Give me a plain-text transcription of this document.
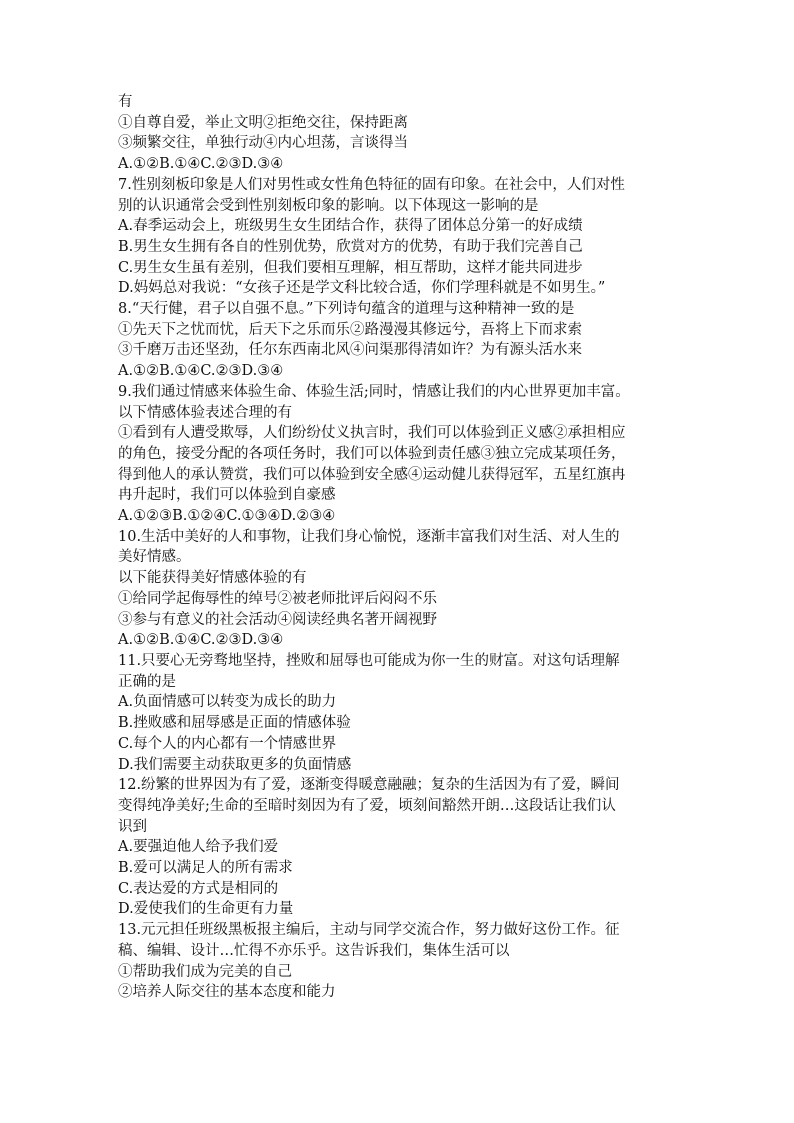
有
①自尊自爱，举止文明②拒绝交往，保持距离
③频繁交往，单独行动④内心坦荡，言谈得当
A.①②B.①④C.②③D.③④
7.性别刻板印象是人们对男性或女性角色特征的固有印象。在社会中，人们对性
别的认识通常会受到性别刻板印象的影响。以下体现这一影响的是
A.春季运动会上，班级男生女生团结合作，获得了团体总分第一的好成绩
B.男生女生拥有各自的性别优势，欣赏对方的优势，有助于我们完善自己
C.男生女生虽有差别，但我们要相互理解，相互帮助，这样才能共同进步
D.妈妈总对我说：“女孩子还是学文科比较合适，你们学理科就是不如男生。”
8.“天行健，君子以自强不息。”下列诗句蕴含的道理与这种精神一致的是
①先天下之忧而忧，后天下之乐而乐②路漫漫其修远兮，吾将上下而求索
③千磨万击还坚劲，任尔东西南北风④问渠那得清如许？为有源头活水来
A.①②B.①④C.②③D.③④
9.我们通过情感来体验生命、体验生活;同时，情感让我们的内心世界更加丰富。
以下情感体验表述合理的有
①看到有人遭受欺辱，人们纷纷仗义执言时，我们可以体验到正义感②承担相应
的角色，接受分配的各项任务时，我们可以体验到责任感③独立完成某项任务，
得到他人的承认赞赏，我们可以体验到安全感④运动健儿获得冠军，五星红旗冉
冉升起时，我们可以体验到自豪感
A.①②③B.①②④C.①③④D.②③④
10.生活中美好的人和事物，让我们身心愉悦，逐渐丰富我们对生活、对人生的
美好情感。
以下能获得美好情感体验的有
①给同学起侮辱性的绰号②被老师批评后闷闷不乐
③参与有意义的社会活动④阅读经典名著开阔视野
A.①②B.①④C.②③D.③④
11.只要心无旁骛地坚持，挫败和屈辱也可能成为你一生的财富。对这句话理解
正确的是
A.负面情感可以转变为成长的助力
B.挫败感和屈辱感是正面的情感体验
C.每个人的内心都有一个情感世界
D.我们需要主动获取更多的负面情感
12.纷繁的世界因为有了爱，逐渐变得暖意融融；复杂的生活因为有了爱，瞬间
变得纯净美好;生命的至暗时刻因为有了爱，顷刻间豁然开朗…这段话让我们认
识到
A.要强迫他人给予我们爱
B.爱可以满足人的所有需求
C.表达爱的方式是相同的
D.爱使我们的生命更有力量
13.元元担任班级黑板报主编后，主动与同学交流合作，努力做好这份工作。征
稿、编辑、设计…忙得不亦乐乎。这告诉我们，集体生活可以
①帮助我们成为完美的自己
②培养人际交往的基本态度和能力
